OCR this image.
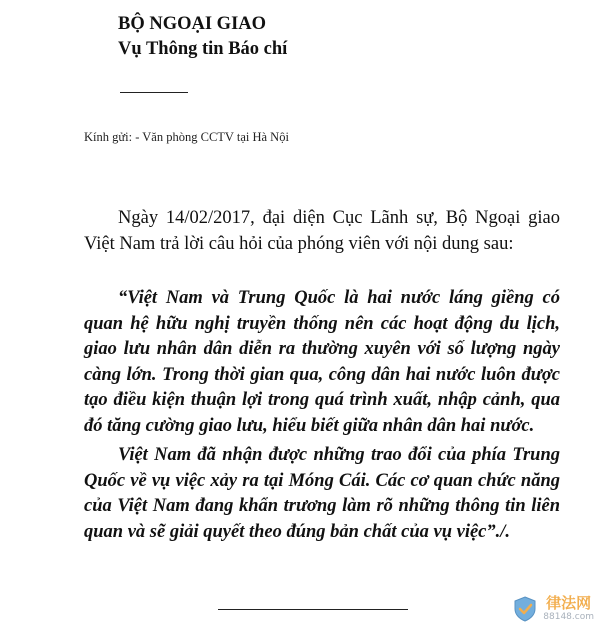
BỘ NGOẠI GIAO
Vụ Thông tin Báo chí
Kính gửi: - Văn phòng CCTV tại Hà Nội
Ngày 14/02/2017, đại diện Cục Lãnh sự, Bộ Ngoại giao Việt Nam trả lời câu hỏi của phóng viên với nội dung sau:

“Việt Nam và Trung Quốc là hai nước láng giềng có quan hệ hữu nghị truyền thống nên các hoạt động du lịch, giao lưu nhân dân diễn ra thường xuyên với số lượng ngày càng lớn. Trong thời gian qua, công dân hai nước luôn được tạo điều kiện thuận lợi trong quá trình xuất, nhập cảnh, qua đó tăng cường giao lưu, hiểu biết giữa nhân dân hai nước.

Việt Nam đã nhận được những trao đổi của phía Trung Quốc về vụ việc xảy ra tại Móng Cái. Các cơ quan chức năng của Việt Nam đang khẩn trương làm rõ những thông tin liên quan và sẽ giải quyết theo đúng bản chất của vụ việc”./.

律法网
88148.com
